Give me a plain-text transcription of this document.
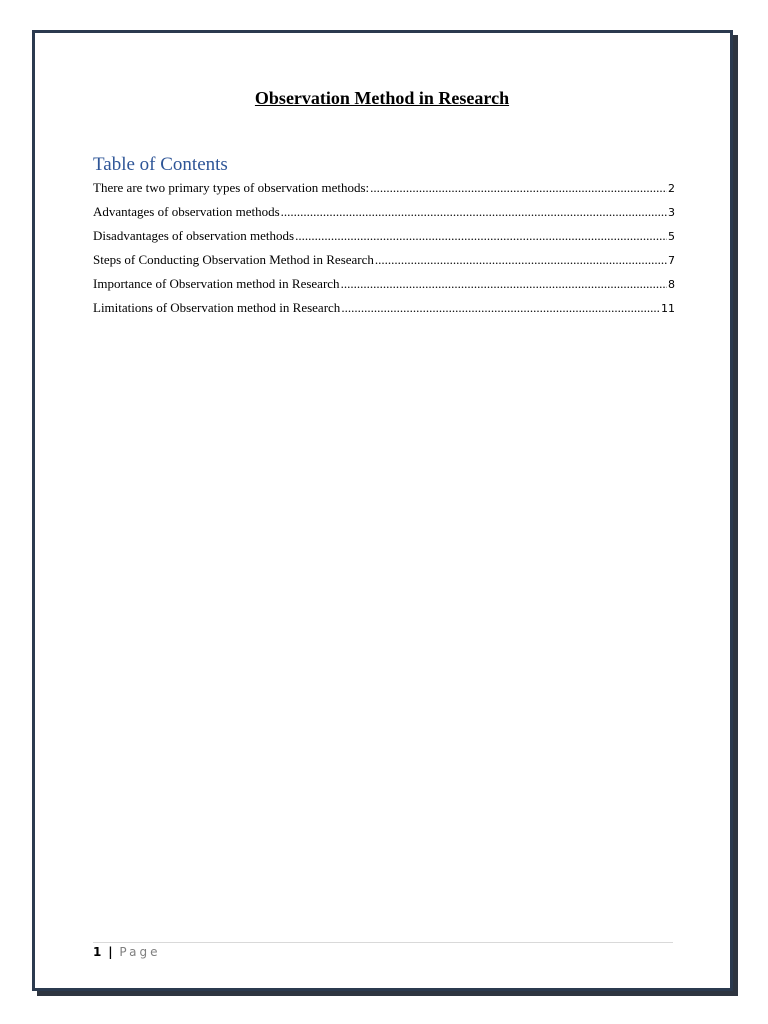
Observation Method in Research
Table of Contents
There are two primary types of observation methods: .....	2
Advantages of observation methods .....	3
Disadvantages of observation methods .....	5
Steps of Conducting Observation Method in Research .....	7
Importance of Observation method in Research .....	8
Limitations of Observation method in Research .....	11
1 | Page
